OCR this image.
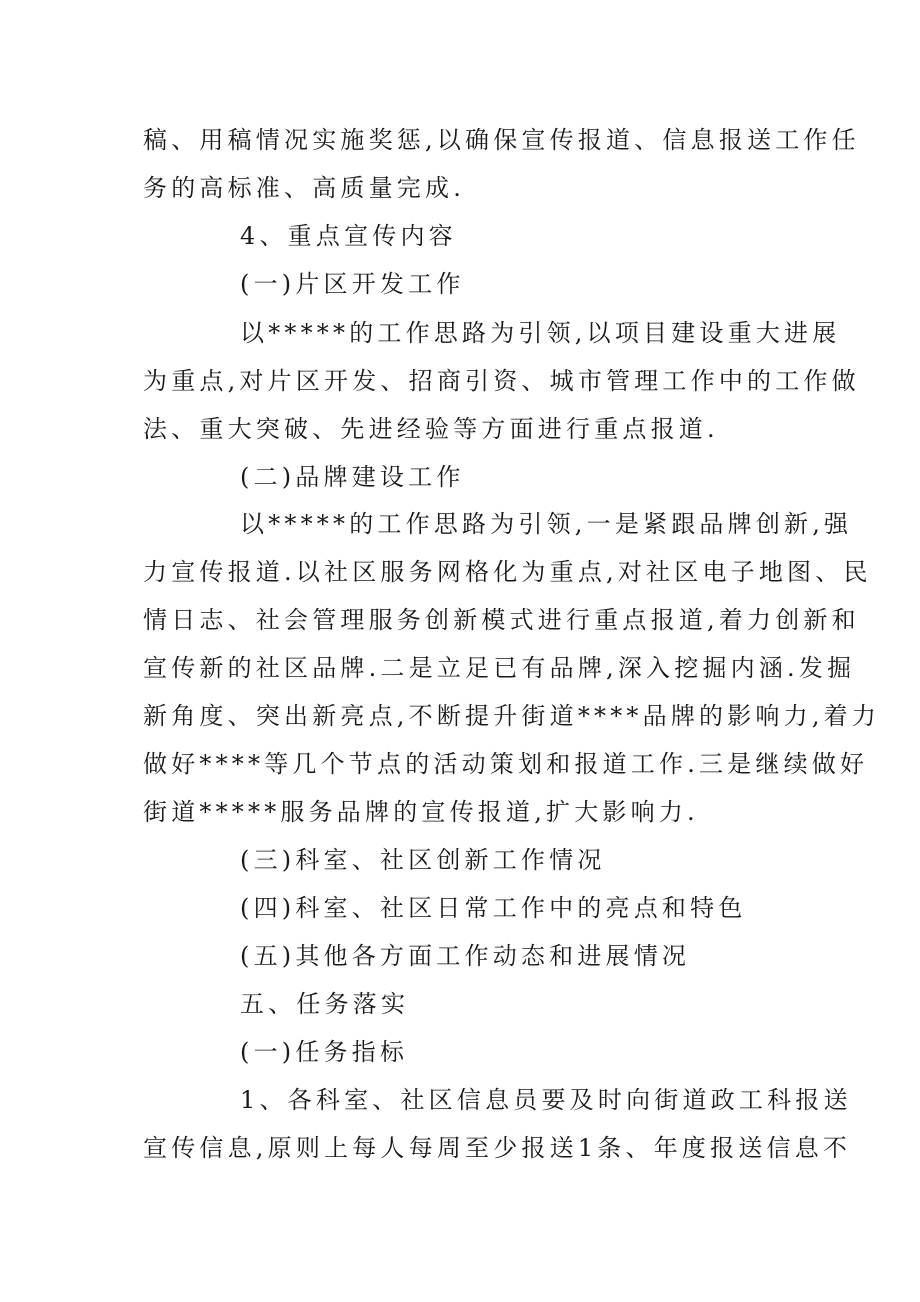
稿、用稿情况实施奖惩,以确保宣传报道、信息报送工作任
务的高标准、高质量完成.
4、重点宣传内容
(一)片区开发工作
以*****的工作思路为引领,以项目建设重大进展
为重点,对片区开发、招商引资、城市管理工作中的工作做
法、重大突破、先进经验等方面进行重点报道.
(二)品牌建设工作
以*****的工作思路为引领,一是紧跟品牌创新,强
力宣传报道.以社区服务网格化为重点,对社区电子地图、民
情日志、社会管理服务创新模式进行重点报道,着力创新和
宣传新的社区品牌.二是立足已有品牌,深入挖掘内涵.发掘
新角度、突出新亮点,不断提升街道****品牌的影响力,着力
做好****等几个节点的活动策划和报道工作.三是继续做好
街道*****服务品牌的宣传报道,扩大影响力.
(三)科室、社区创新工作情况
(四)科室、社区日常工作中的亮点和特色
(五)其他各方面工作动态和进展情况
五、任务落实
(一)任务指标
1、各科室、社区信息员要及时向街道政工科报送
宣传信息,原则上每人每周至少报送1条、年度报送信息不
